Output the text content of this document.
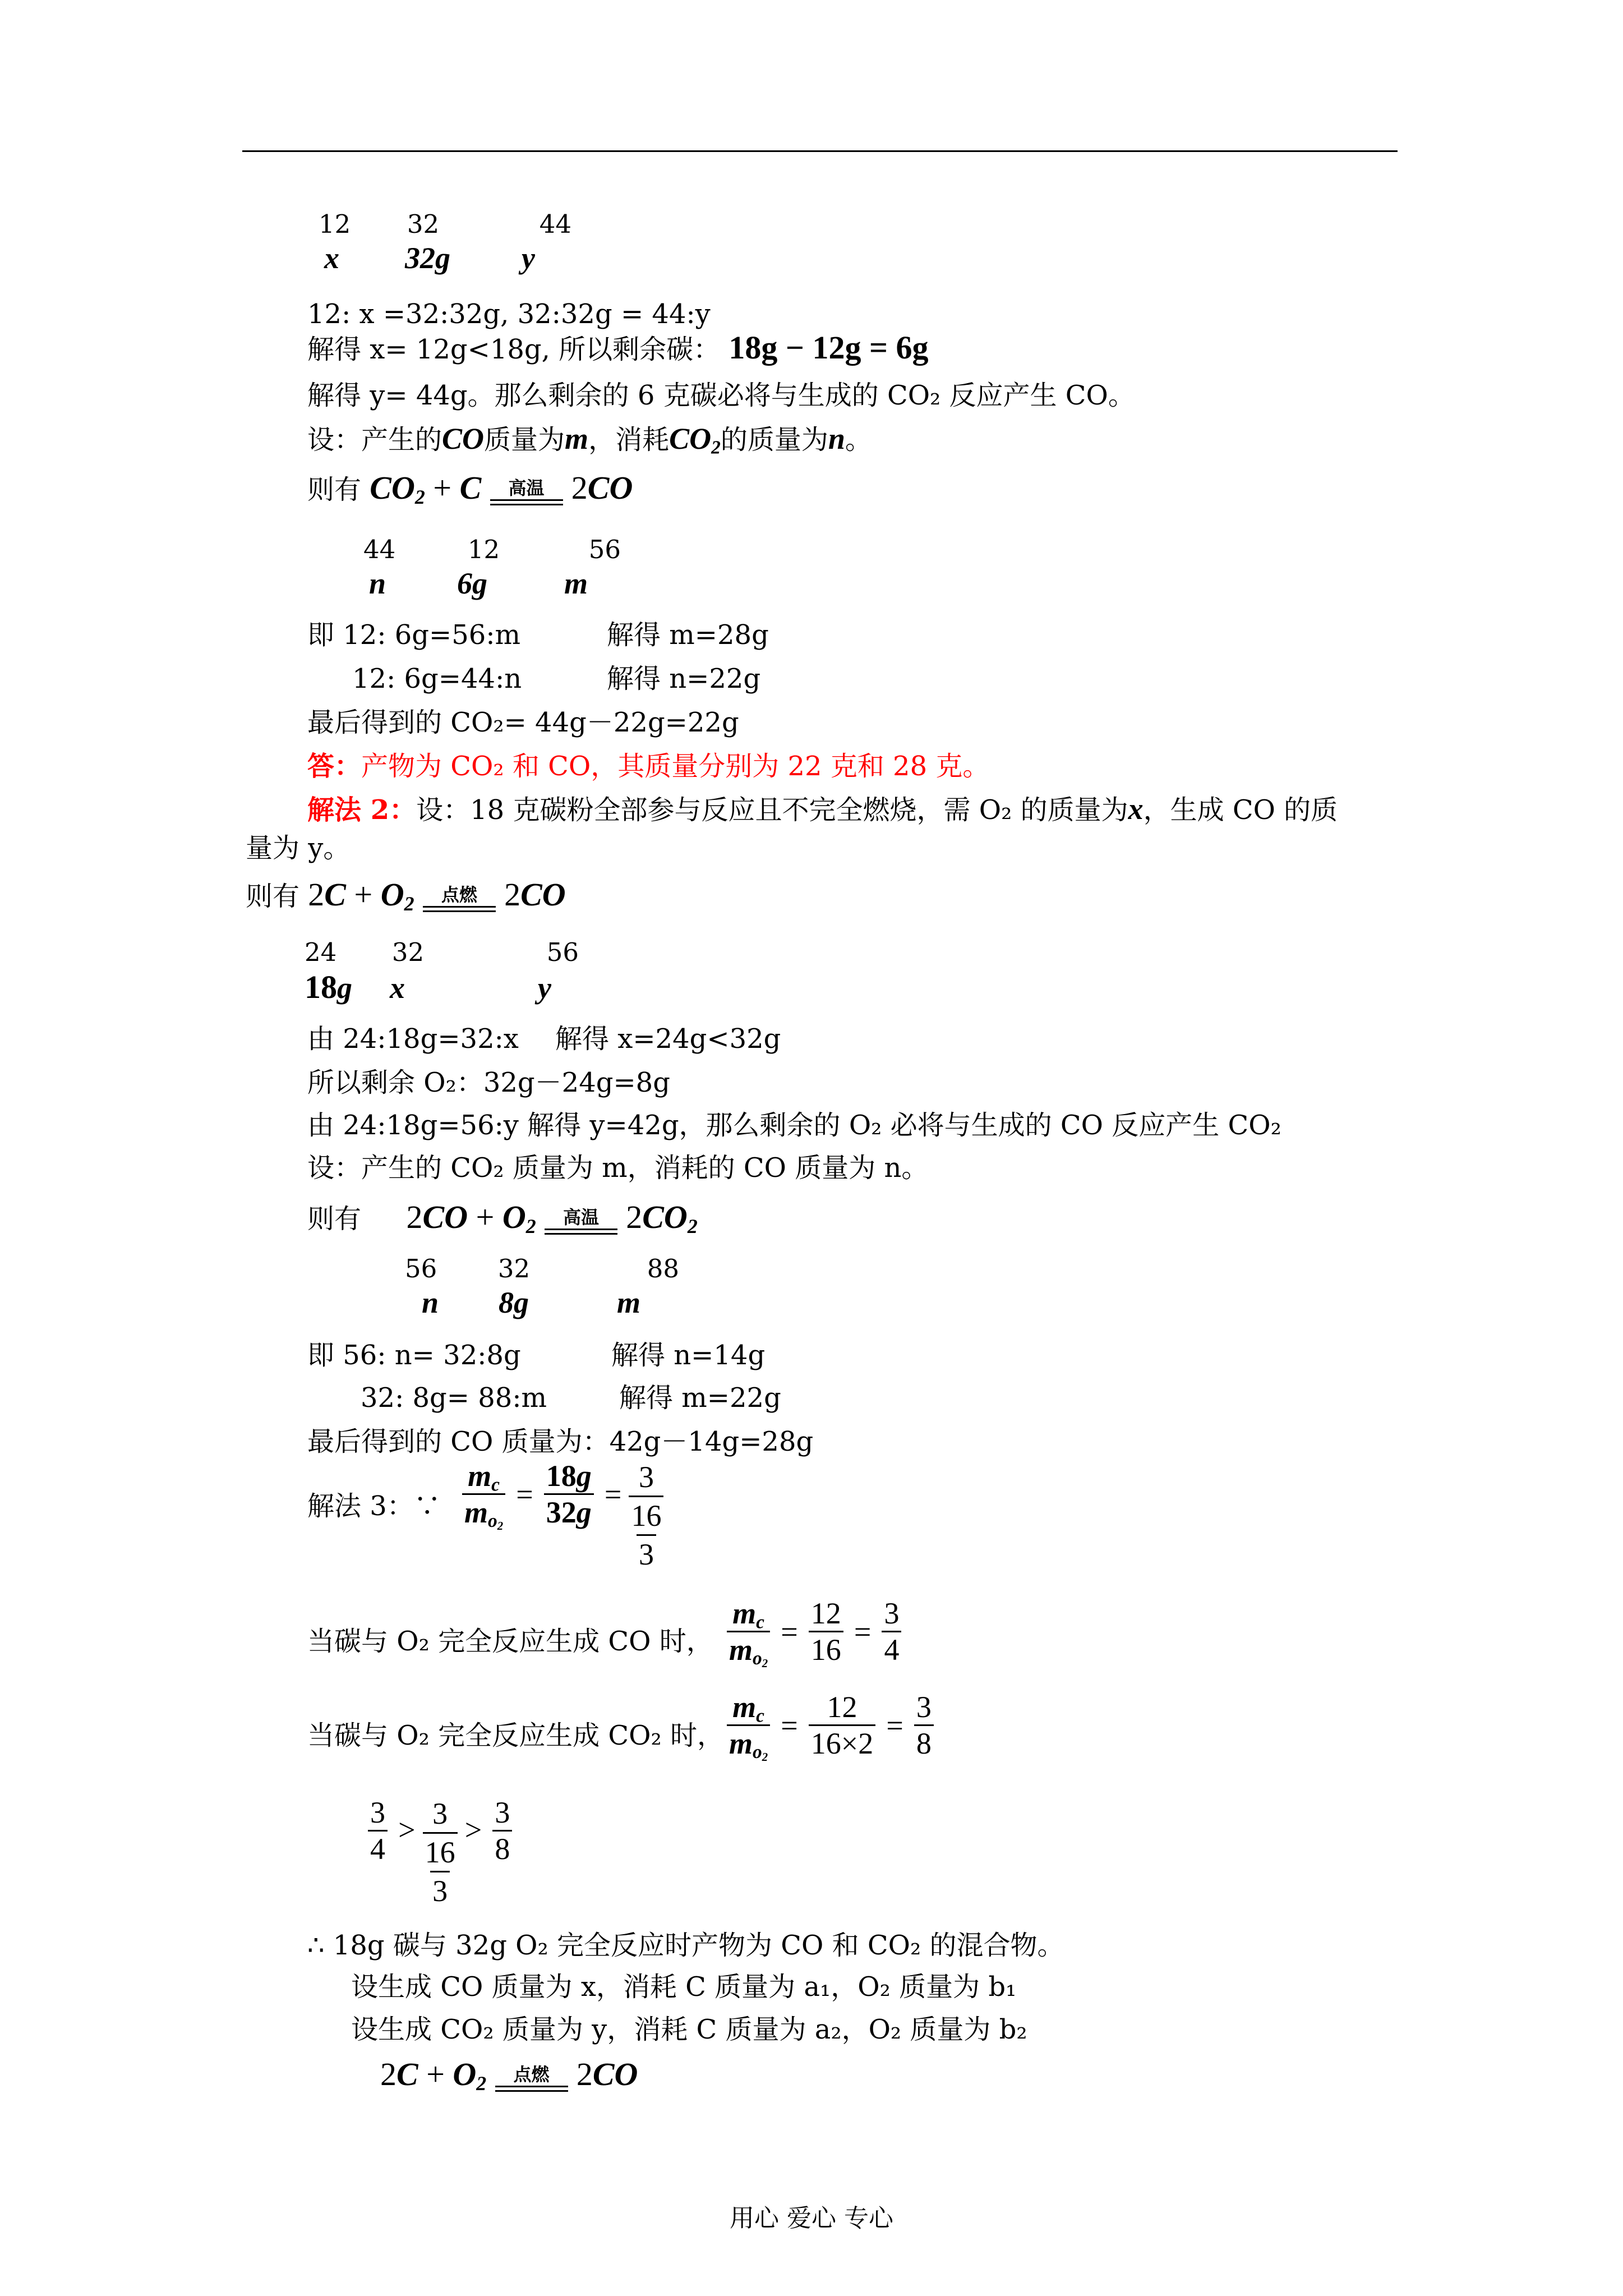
12 32	44
x 32g y
12: x =32:32g, 32:32g = 44:y
解得 x= 12g<18g, 所以剩余碳： 18g − 12g = 6g
解得 y= 44g。那么剩余的 6 克碳必将与生成的 CO₂ 反应产生 CO。
设：产生的CO质量为m，消耗$CO_2$的质量为n。
则有 $CO_2 + C$	高温 2CO
44	12	56
n 6g	m
即 12: 6g=56:m	解得 m=28g
12: 6g=44:n	解得 n=22g
最后得到的 CO₂= 44g－22g=22g
答：产物为 CO₂ 和 CO，其质量分别为 22 克和 28 克。
解法 2：设：18 克碳粉全部参与反应且不完全燃烧，需 O₂ 的质量为x，生成 CO 的质
量为 y。
则有 $2C + O_2$	点燃 2CO
24 32	56
18g x	y
由 24:18g=32:x 解得 x=24g<32g
所以剩余 O₂：32g－24g=8g
由 24:18g=56:y 解得 y=42g，那么剩余的 O₂ 必将与生成的 CO 反应产生 CO₂
设：产生的 CO₂ 质量为 m，消耗的 CO 质量为 n。
则有 $2CO + O_2$	高温 $2CO_2$
56 32	88
n 8g	m
即 56: n= 32:8g	解得 n=14g
32: 8g= 88:m	解得 m=22g
最后得到的 CO 质量为：42g－14g=28g
解法 3：∵ $\frac{m_c}{m_{o_2}} = \frac{18g}{32g}$ =
3
16
3
当碳与 O₂ 完全反应生成 CO 时， $\frac{m_c}{m_{o_2}} = \frac{12}{16} = \frac{3}{4}$
当碳与 O₂ 完全反应生成 CO₂ 时， $\frac{m_c}{m_{o_2}} = \frac{12}{16\times 2} = \frac{3}{8}$
$\frac{3}{4} > 3$
16
3
> $\frac{3}{8}$
∴ 18g 碳与 32g O₂ 完全反应时产物为 CO 和 CO₂ 的混合物。
设生成 CO 质量为 x，消耗 C 质量为 a₁，O₂ 质量为 b₁
设生成 CO₂ 质量为 y，消耗 C 质量为 a₂，O₂ 质量为 b₂
$2C + O_2$	点燃 2CO
用心 爱心 专心
